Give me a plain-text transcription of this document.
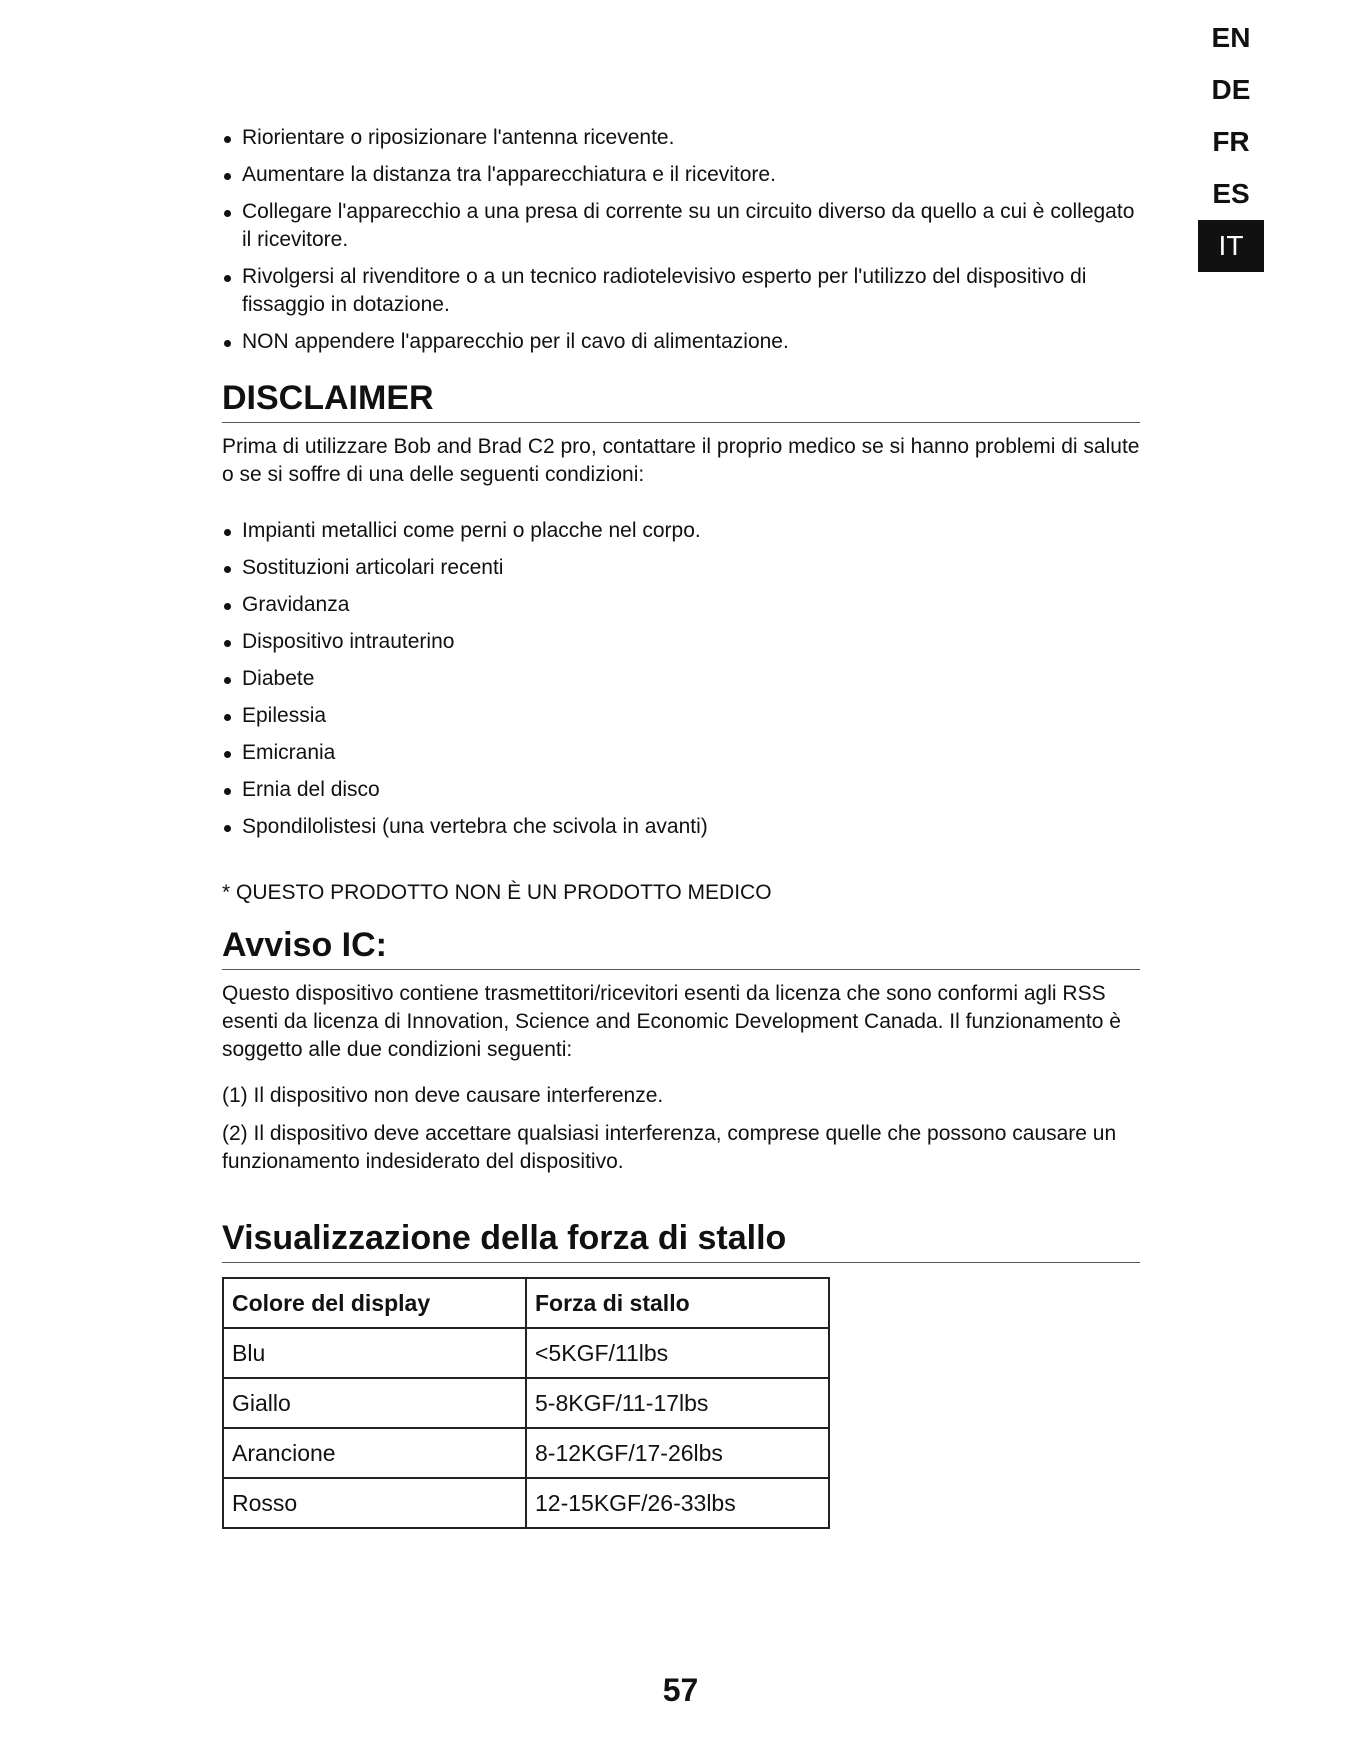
EN
DE
FR
ES
IT
Riorientare o riposizionare l'antenna ricevente.
Aumentare la distanza tra l'apparecchiatura e il ricevitore.
Collegare l'apparecchio a una presa di corrente su un circuito diverso da quello a cui è collegato il ricevitore.
Rivolgersi al rivenditore o a un tecnico radiotelevisivo esperto per l'utilizzo del dispositivo di fissaggio in dotazione.
NON appendere l'apparecchio per il cavo di alimentazione.
DISCLAIMER

Prima di utilizzare Bob and Brad C2 pro, contattare il proprio medico se si hanno problemi di salute o se si soffre di una delle seguenti condizioni:

Impianti metallici come perni o placche nel corpo.
Sostituzioni articolari recenti
Gravidanza
Dispositivo intrauterino
Diabete
Epilessia
Emicrania
Ernia del disco
Spondilolistesi (una vertebra che scivola in avanti)
* QUESTO PRODOTTO NON È UN PRODOTTO MEDICO
Avviso IC:

Questo dispositivo contiene trasmettitori/ricevitori esenti da licenza che sono conformi agli RSS esenti da licenza di Innovation, Science and Economic Development Canada. Il funzionamento è soggetto alle due condizioni seguenti:

(1) Il dispositivo non deve causare interferenze.

(2) Il dispositivo deve accettare qualsiasi interferenza, comprese quelle che possono causare un funzionamento indesiderato del dispositivo.

Visualizzazione della forza di stallo
Colore del display	Forza di stallo
Blu	<5KGF/11lbs
Giallo	5-8KGF/11-17lbs
Arancione	8-12KGF/17-26lbs
Rosso	12-15KGF/26-33lbs
57
